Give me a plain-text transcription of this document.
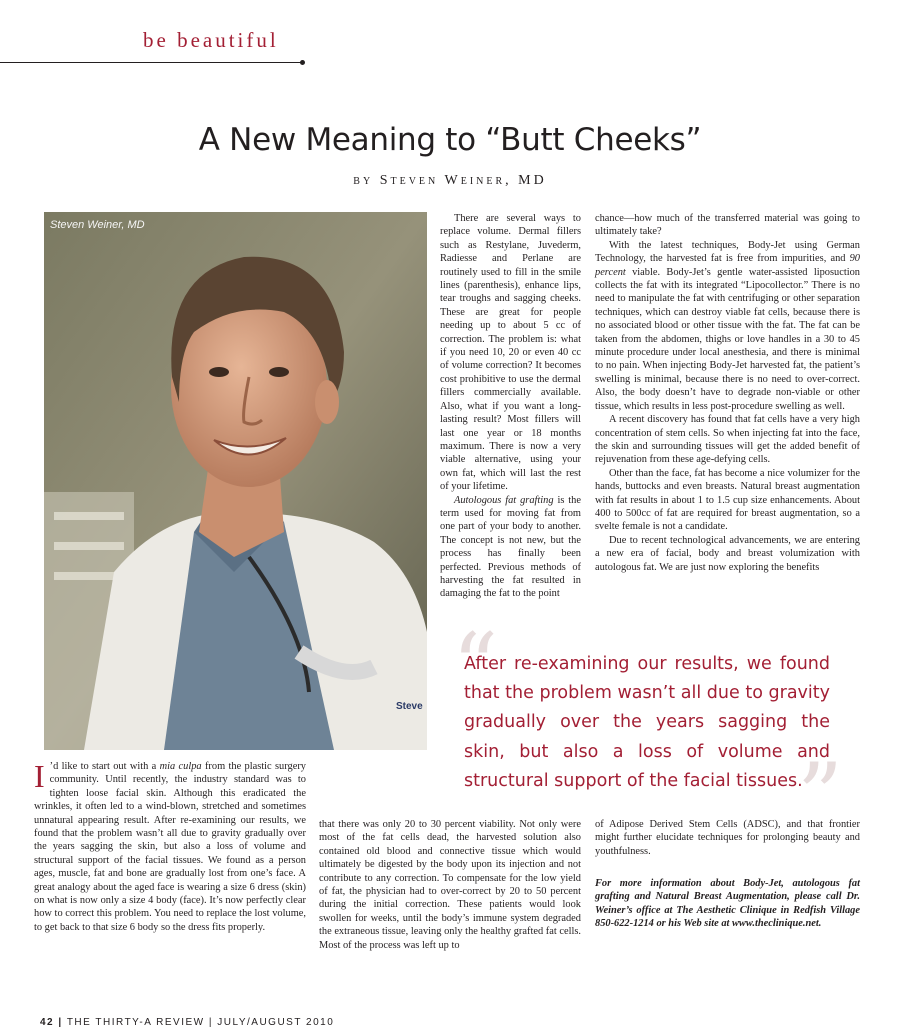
be beautiful
A New Meaning to “Butt Cheeks”
by Steven Weiner, MD
Steve
Steven Weiner, MD

There are several ways to replace volume. Dermal fillers such as Restylane, Juvederm, Radiesse and Perlane are routinely used to fill in the smile lines (parenthesis), enhance lips, tear troughs and sagging cheeks. These are great for people needing up to about 5 cc of correction. The problem is: what if you need 10, 20 or even 40 cc of volume correction? It becomes cost prohibitive to use the dermal fillers commercially available. Also, what if you want a long-lasting result? Most fillers will last one year or 18 months maximum. There is now a very viable alternative, using your own fat, which will last the rest of your lifetime.

Autologous fat grafting is the term used for moving fat from one part of your body to another. The concept is not new, but the process has finally been perfected. Previous methods of harvesting the fat resulted in damaging the fat to the point

chance—how much of the transferred material was going to ultimately take?

With the latest techniques, Body-Jet using German Technology, the harvested fat is free from impurities, and 90 percent viable. Body-Jet’s gentle water-assisted liposuction collects the fat with its integrated “Lipocollector.” There is no need to manipulate the fat with centrifuging or other separation techniques, which can destroy viable fat cells, because there is no associated blood or other tissue with the fat. The fat can be taken from the abdomen, thighs or love handles in a 30 to 45 minute procedure under local anesthesia, and there is minimal to no pain. When injecting Body-Jet harvested fat, the patient’s swelling is minimal, because there is no need to over-correct. Also, the body doesn’t have to degrade non-viable or other tissue, which results in less post-procedure swelling as well.

A recent discovery has found that fat cells have a very high concentration of stem cells. So when injecting fat into the face, the skin and surrounding tissues will get the added benefit of rejuvenation from these age-defying cells.

Other than the face, fat has become a nice volumizer for the hands, buttocks and even breasts. Natural breast augmentation with fat results in about 1 to 1.5 cup size enhancements. About 400 to 500cc of fat are required for breast augmentation, so a svelte female is not a candidate.

Due to recent technological advancements, we are entering a new era of facial, body and breast volumization with autologous fat. We are just now exploring the benefits

“
After re-examining our results, we found that the problem wasn’t all due to gravity gradually over the years sagging the skin, but also a loss of volume and structural support of the facial tissues.
”

I ’d like to start out with a mia culpa from the plastic surgery community. Until recently, the industry standard was to tighten loose facial skin. Although this eradicated the wrinkles, it often led to a wind-blown, stretched and sometimes unnatural appearing result. After re-examining our results, we found that the problem wasn’t all due to gravity gradually over the years sagging the skin, but also a loss of volume and structural support of the facial tissues. We found as a person ages, muscle, fat and bone are gradually lost from one’s face. A great analogy about the aged face is wearing a size 6 dress (skin) on what is now only a size 4 body (face). It’s now perfectly clear how to correct this problem. You need to replace the lost volume, to get back to that size 6 body so the dress fits properly.

that there was only 20 to 30 percent viability. Not only were most of the fat cells dead, the harvested solution also contained old blood and connective tissue which would ultimately be digested by the body upon its injection and not contribute to any correction. To compensate for the low yield of fat, the physician had to over-correct by 20 to 50 percent during the initial correction. These patients would look swollen for weeks, until the body’s immune system degraded the extraneous tissue, leaving only the healthy grafted fat cells. Most of the process was left up to

of Adipose Derived Stem Cells (ADSC), and that frontier might further elucidate techniques for prolonging beauty and youthfulness.

For more information about Body-Jet, autologous fat grafting and Natural Breast Augmentation, please call Dr. Weiner’s office at The Aesthetic Clinique in Redfish Village 850-622-1214 or his Web site at www.theclinique.net.
42 | THE THIRTY-A REVIEW | JULY/AUGUST 2010
